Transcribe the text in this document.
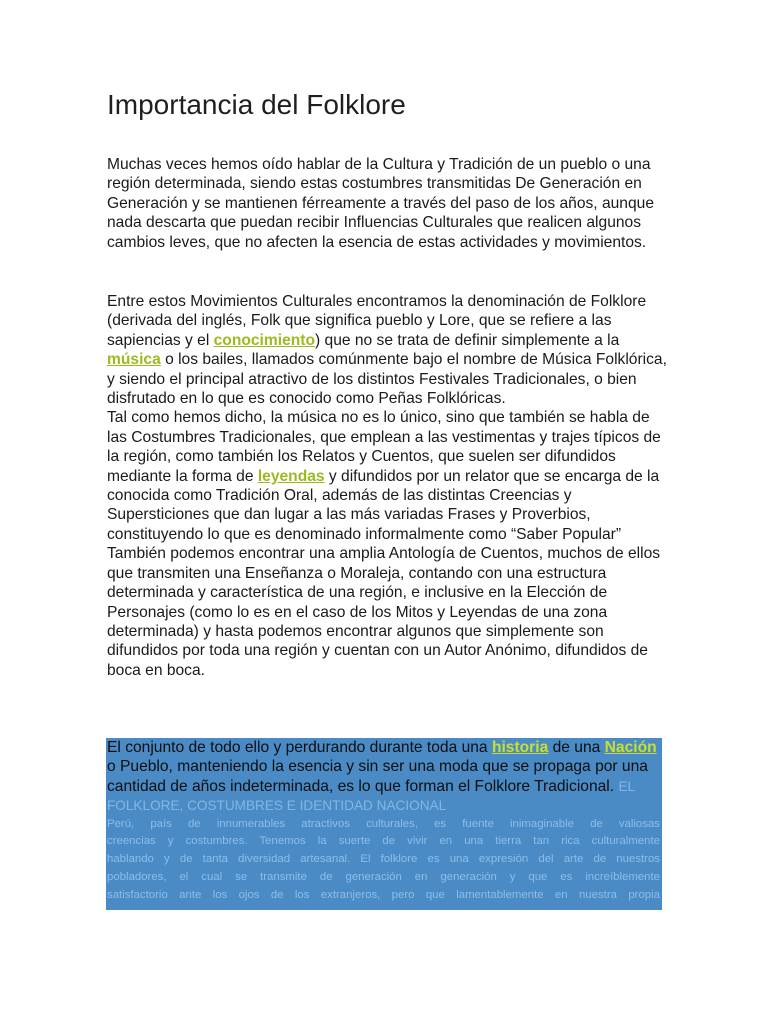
Importancia del Folklore

Muchas veces hemos oído hablar de la Cultura y Tradición de un pueblo o una región determinada, siendo estas costumbres transmitidas De Generación en Generación y se mantienen férreamente a través del paso de los años, aunque nada descarta que puedan recibir Influencias Culturales que realicen algunos cambios leves, que no afecten la esencia de estas actividades y movimientos.

Entre estos Movimientos Culturales encontramos la denominación de Folklore (derivada del inglés, Folk que significa pueblo y Lore, que se refiere a las sapiencias y el conocimiento) que no se trata de definir simplemente a la música o los bailes, llamados comúnmente bajo el nombre de Música Folklórica, y siendo el principal atractivo de los distintos Festivales Tradicionales, o bien disfrutado en lo que es conocido como Peñas Folklóricas.
Tal como hemos dicho, la música no es lo único, sino que también se habla de las Costumbres Tradicionales, que emplean a las vestimentas y trajes típicos de la región, como también los Relatos y Cuentos, que suelen ser difundidos mediante la forma de leyendas y difundidos por un relator que se encarga de la conocida como Tradición Oral, además de las distintas Creencias y Supersticiones que dan lugar a las más variadas Frases y Proverbios, constituyendo lo que es denominado informalmente como “Saber Popular”
También podemos encontrar una amplia Antología de Cuentos, muchos de ellos que transmiten una Enseñanza o Moraleja, contando con una estructura determinada y característica de una región, e inclusive en la Elección de Personajes (como lo es en el caso de los Mitos y Leyendas de una zona determinada) y hasta podemos encontrar algunos que simplemente son difundidos por toda una región y cuentan con un Autor Anónimo, difundidos de boca en boca.
El conjunto de todo ello y perdurando durante toda una historia de una Nación o Pueblo, manteniendo la esencia y sin ser una moda que se propaga por una cantidad de años indeterminada, es lo que forman el Folklore Tradicional. EL FOLKLORE, COSTUMBRES E IDENTIDAD NACIONAL
Perú, país de innumerables atractivos culturales, es fuente inimaginable de valiosas
creencias y costumbres. Tenemos la suerte de vivir en una tierra tan rica culturalmente
hablando y de tanta diversidad artesanal. El folklore es una expresión del arte de nuestros
pobladores, el cual se transmite de generación en generación y que es increíblemente
satisfactorio ante los ojos de los extranjeros, pero que lamentablemente en nuestra propia
